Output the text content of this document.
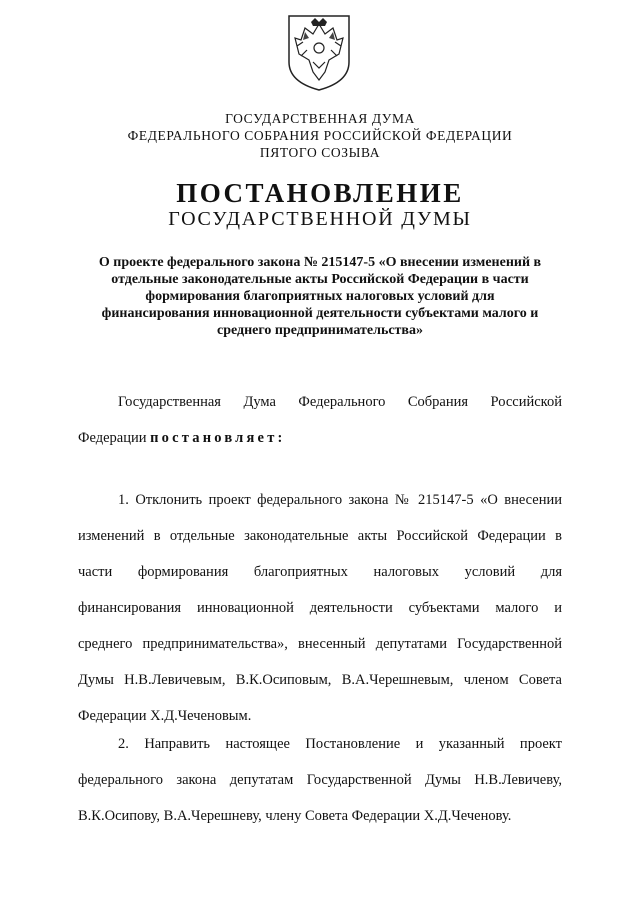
ГОСУДАРСТВЕННАЯ ДУМА
ФЕДЕРАЛЬНОГО СОБРАНИЯ РОССИЙСКОЙ ФЕДЕРАЦИИ
ПЯТОГО СОЗЫВА
ПОСТАНОВЛЕНИЕ
ГОСУДАРСТВЕННОЙ ДУМЫ
О проекте федерального закона № 215147-5 «О внесении изменений в
отдельные законодательные акты Российской Федерации в части
формирования благоприятных налоговых условий для
финансирования инновационной деятельности субъектами малого и
среднего предпринимательства»
Государственная Дума Федерального Собрания Российской
Федерации постановляет:
1. Отклонить проект федерального закона № 215147-5 «О внесении
изменений в отдельные законодательные акты Российской Федерации в
части формирования благоприятных налоговых условий для
финансирования инновационной деятельности субъектами малого и
среднего предпринимательства», внесенный депутатами Государственной
Думы Н.В.Левичевым, В.К.Осиповым, В.А.Черешневым, членом Совета
Федерации Х.Д.Чеченовым.
2. Направить настоящее Постановление и указанный проект
федерального закона депутатам Государственной Думы Н.В.Левичеву,
В.К.Осипову, В.А.Черешневу, члену Совета Федерации Х.Д.Чеченову.
